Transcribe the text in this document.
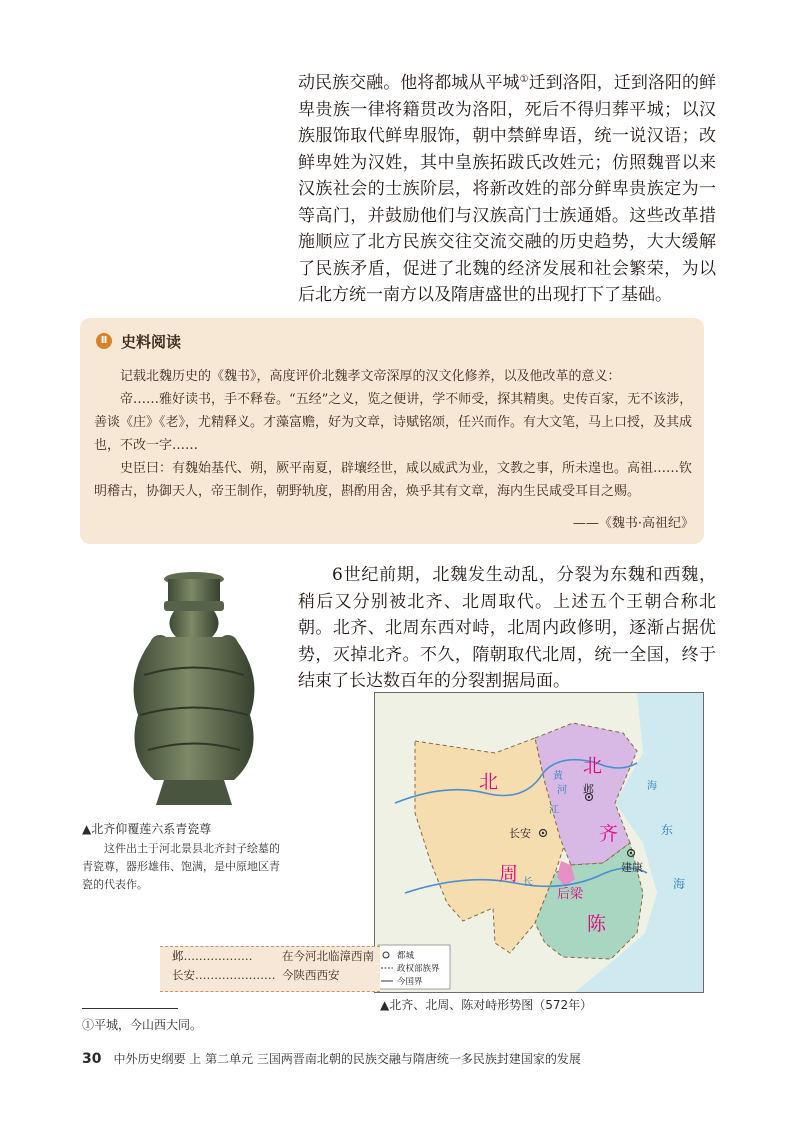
动民族交融。他将都城从平城①迁到洛阳，迁到洛阳的鲜卑贵族一律将籍贯改为洛阳，死后不得归葬平城；以汉族服饰取代鲜卑服饰，朝中禁鲜卑语，统一说汉语；改鲜卑姓为汉姓，其中皇族拓跋氏改姓元；仿照魏晋以来汉族社会的士族阶层，将新改姓的部分鲜卑贵族定为一等高门，并鼓励他们与汉族高门士族通婚。这些改革措施顺应了北方民族交往交流交融的历史趋势，大大缓解了民族矛盾，促进了北魏的经济发展和社会繁荣，为以后北方统一南方以及隋唐盛世的出现打下了基础。

Ⅱ 史料阅读

记载北魏历史的《魏书》，高度评价北魏孝文帝深厚的汉文化修养，以及他改革的意义：

帝……雅好读书，手不释卷。“五经”之义，览之便讲，学不师受，探其精奥。史传百家，无不该涉，善谈《庄》《老》，尤精释义。才藻富赡，好为文章，诗赋铭颂，任兴而作。有大文笔，马上口授，及其成也，不改一字……

史臣曰：有魏始基代、朔，厥平南夏，辟壤经世，咸以威武为业，文教之事，所未遑也。高祖……钦明稽古，协御天人，帝王制作，朝野轨度，斟酌用舍，焕乎其有文章，海内生民咸受耳目之赐。

——《魏书·高祖纪》
▲北齐仰覆莲六系青瓷尊

这件出土于河北景县北齐封子绘墓的青瓷尊，器形雄伟、饱满，是中原地区青瓷的代表作。

6世纪前期，北魏发生动乱，分裂为东魏和西魏，稍后又分别被北齐、北周取代。上述五个王朝合称北朝。北齐、北周东西对峙，北周内政修明，逐渐占据优势，灭掉北齐。不久，隋朝取代北周，统一全国，终于结束了长达数百年的分裂割据局面。

北
周
北
齐
陈
后梁
长安
邺
建康
东
海
海
长
江
河
黄
都城
政权部族界
今国界
▲北齐、北周、陈对峙形势图（572年）
邺………………	在今河北临漳西南
长安………………… 今陕西西安
①平城，今山西大同。
30 中外历史纲要 上 第二单元 三国两晋南北朝的民族交融与隋唐统一多民族封建国家的发展
